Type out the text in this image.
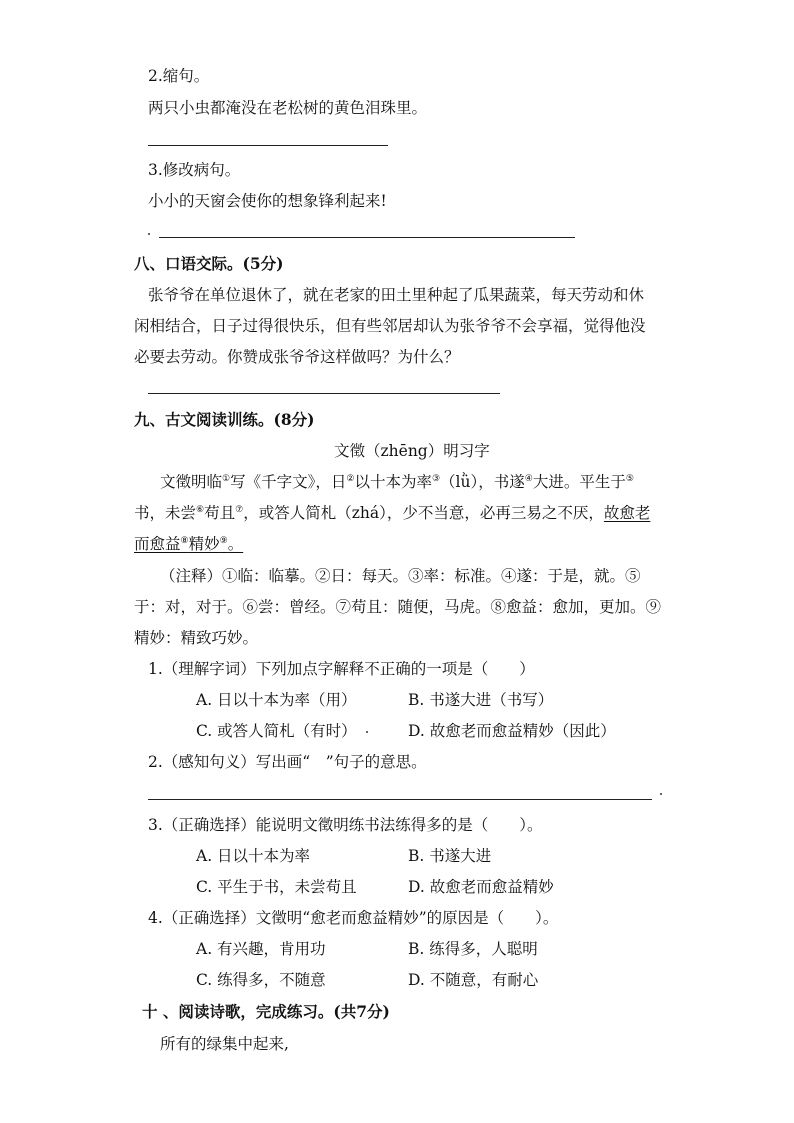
2.缩句。
两只小虫都淹没在老松树的黄色泪珠里。
3.修改病句。
小小的天窗会使你的想象锋利起来!
八、口语交际。(5分)
张爷爷在单位退休了，就在老家的田土里种起了瓜果蔬菜，每天劳动和休
闲相结合，日子过得很快乐，但有些邻居却认为张爷爷不会享福，觉得他没
必要去劳动。你赞成张爷爷这样做吗？为什么？
九、古文阅读训练。(8分)
文徵（zhēng）明习字
文徵明临①写《千字文》，日②以十本为率③（lǜ），书遂④大进。平生于⑤
书，未尝⑥苟且⑦，或答人简札（zhá），少不当意，必再三易之不厌，故愈老
而愈益⑧精妙⑨。
（注释）①临：临摹。②日：每天。③率：标准。④遂：于是，就。⑤
于：对，对于。⑥尝：曾经。⑦苟且：随便，马虎。⑧愈益：愈加，更加。⑨
精妙：精致巧妙。
1.（理解字词）下列加点字解释不正确的一项是（　　）
A. 日以十本为率（用）	B. 书遂大进（书写）
C. 或答人简札（有时）	D. 故愈老而愈益精妙（因此）
2.（感知句义）写出画“　”句子的意思。
3.（正确选择）能说明文徵明练书法练得多的是（　　）。
A. 日以十本为率	B. 书遂大进
C. 平生于书，未尝苟且	D. 故愈老而愈益精妙
4.（正确选择）文徵明“愈老而愈益精妙”的原因是（　　）。
A. 有兴趣，肯用功	B. 练得多，人聪明
C. 练得多，不随意	D. 不随意，有耐心
十 、阅读诗歌，完成练习。(共7分)
所有的绿集中起来,
